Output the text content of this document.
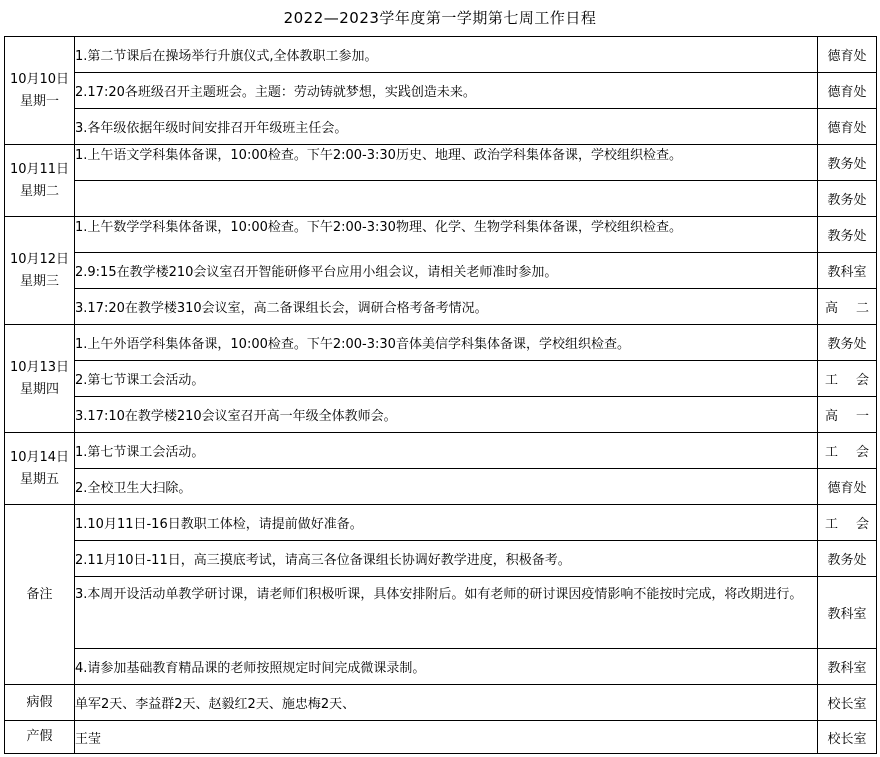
2022—2023学年度第一学期第七周工作日程
10月10日
星期一	1.第二节课后在操场举行升旗仪式,全体教职工参加。	德育处
	2.17:20各班级召开主题班会。主题：劳动铸就梦想，实践创造未来。	德育处
	3.各年级依据年级时间安排召开年级班主任会。	德育处

10月11日
星期二	1.上午语文学科集体备课，10:00检查。下午2:00-3:30历史、地理、政治学科集体备课，学校组织检查。	教务处
		教务处

10月12日
星期三	1.上午数学学科集体备课，10:00检查。下午2:00-3:30物理、化学、生物学科集体备课，学校组织检查。	教务处
	2.9:15在教学楼210会议室召开智能研修平台应用小组会议，请相关老师准时参加。	教科室
	3.17:20在教学楼310会议室，高二备课组长会，调研合格考备考情况。	高 二

10月13日
星期四	1.上午外语学科集体备课，10:00检查。下午2:00-3:30音体美信学科集体备课，学校组织检查。	教务处
	2.第七节课工会活动。	工 会
	3.17:10在教学楼210会议室召开高一年级全体教师会。	高 一

10月14日
星期五	1.第七节课工会活动。	工 会
	2.全校卫生大扫除。	德育处
备注	1.10月11日-16日教职工体检，请提前做好准备。	工 会
	2.11月10日-11日，高三摸底考试，请高三各位备课组长协调好教学进度，积极备考。	教务处
	3.本周开设活动单教学研讨课，请老师们积极听课，具体安排附后。如有老师的研讨课因疫情影响不能按时完成，将改期进行。	教科室
	4.请参加基础教育精品课的老师按照规定时间完成微课录制。	教科室
病假	单军2天、李益群2天、赵毅红2天、施忠梅2天、	校长室
产假	王莹	校长室
